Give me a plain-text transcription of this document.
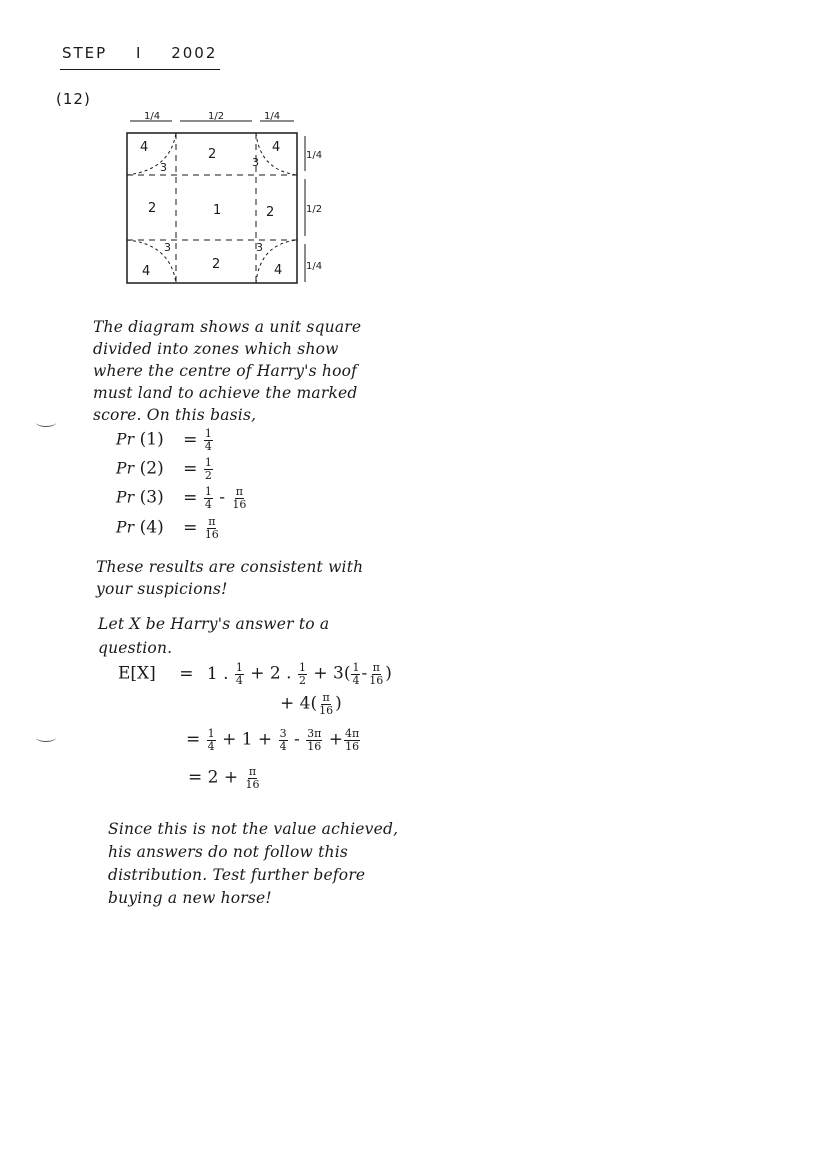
STEP I 2002
(12)
1/4	1/2	1/4
1/4
1/2
1/4
4	2	4
3	3
2	1	2
3	3
4	2	4
The diagram shows a unit square
divided into zones which show
where the centre of Harry's hoof
must land to achieve the marked
score. On this basis,
Pr $(1) = \frac{1}{4}$
Pr $(2) = \frac{1}{2}$
Pr $(3) = \frac{1}{4} - \frac{\pi}{16}$
Pr $(4) = \frac{\pi}{16}$
These results are consistent with
your suspicions!
Let X be Harry's answer to a
question.
E[X] = 1 . $\frac{1}{4} + 2$ . $\frac{1}{2} + 3( \frac{1}{4} - \frac{\pi}{16}$ )
+ $4( \frac{\pi}{16}$ )
= $\frac{1}{4} + 1 + \frac{3}{4} - \frac{3\pi}{16} + \frac{4\pi}{16}$
= $2 + \frac{\pi}{16}$
Since this is not the value achieved,
his answers do not follow this
distribution. Test further before
buying a new horse!
